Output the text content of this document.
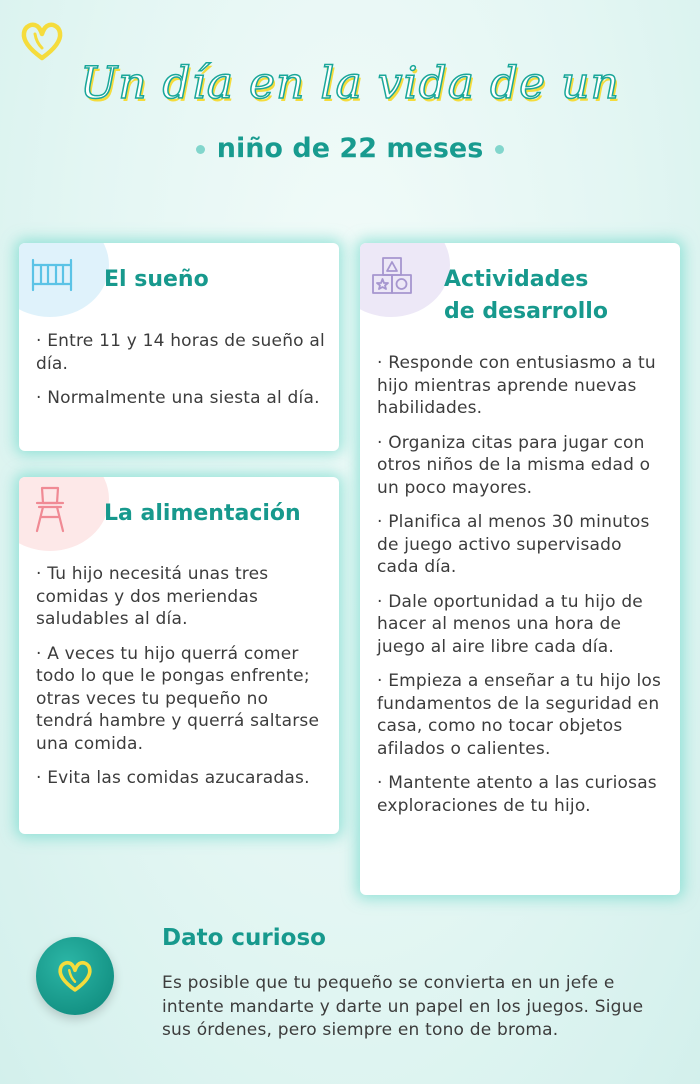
Un día en la vida de un
niño de 22 meses
El sueño

· Entre 11 y 14 horas de sueño al día.

· Normalmente una siesta al día.

La alimentación

· Tu hijo necesitá unas tres comidas y dos meriendas saludables al día.

· A veces tu hijo querrá comer todo lo que le pongas enfrente; otras veces tu pequeño no tendrá hambre y querrá saltarse una comida.

· Evita las comidas azucaradas.

Actividades
de desarrollo

· Responde con entusiasmo a tu hijo mientras aprende nuevas habilidades.

· Organiza citas para jugar con otros niños de la misma edad o un poco mayores.

· Planifica al menos 30 minutos de juego activo supervisado cada día.

· Dale oportunidad a tu hijo de hacer al menos una hora de juego al aire libre cada día.

· Empieza a enseñar a tu hijo los fundamentos de la seguridad en casa, como no tocar objetos afilados o calientes.

· Mantente atento a las curiosas exploraciones de tu hijo.

Dato curioso
Es posible que tu pequeño se convierta en un jefe e intente mandarte y darte un papel en los juegos. Sigue sus órdenes, pero siempre en tono de broma.
